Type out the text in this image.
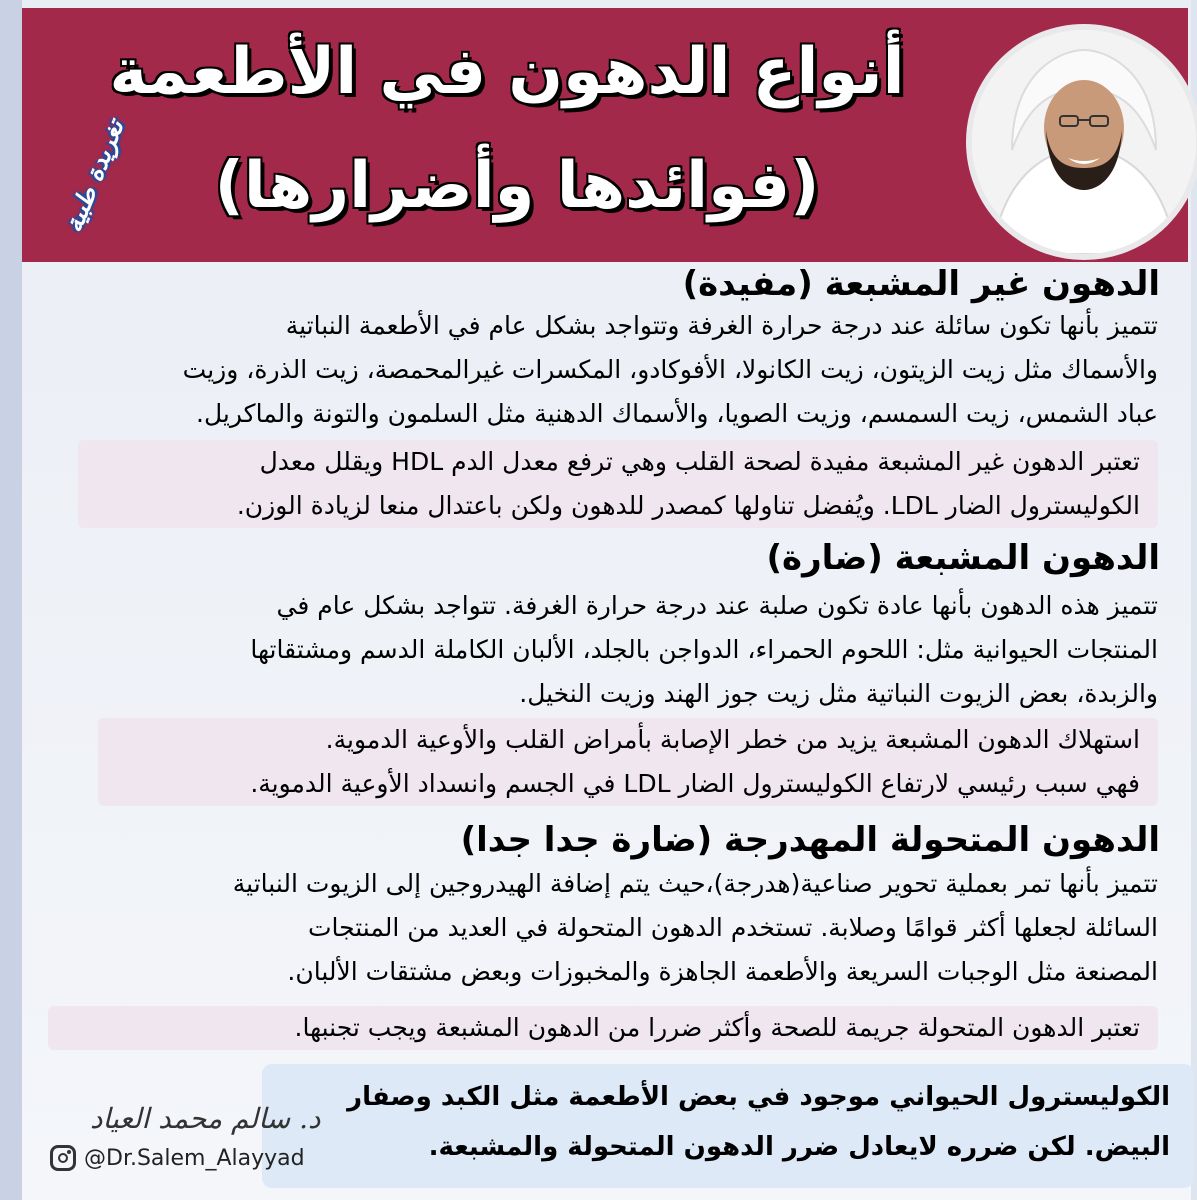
أنواع الدهون في الأطعمة
(فوائدها وأضرارها)
تغريدة طبية
الدهون غير المشبعة (مفيدة)
تتميز بأنها تكون سائلة عند درجة حرارة الغرفة وتتواجد بشكل عام في الأطعمة النباتية
والأسماك مثل زيت الزيتون، زيت الكانولا، الأفوكادو، المكسرات غيرالمحمصة، زيت الذرة، وزيت
عباد الشمس، زيت السمسم، وزيت الصويا، والأسماك الدهنية مثل السلمون والتونة والماكريل.
تعتبر الدهون غير المشبعة مفيدة لصحة القلب وهي ترفع معدل الدم HDL ويقلل معدل
الكوليسترول الضار LDL. ويُفضل تناولها كمصدر للدهون ولكن باعتدال منعا لزيادة الوزن.
الدهون المشبعة (ضارة)
تتميز هذه الدهون بأنها عادة تكون صلبة عند درجة حرارة الغرفة. تتواجد بشكل عام في
المنتجات الحيوانية مثل: اللحوم الحمراء، الدواجن بالجلد، الألبان الكاملة الدسم ومشتقاتها
والزبدة، بعض الزيوت النباتية مثل زيت جوز الهند وزيت النخيل.
استهلاك الدهون المشبعة يزيد من خطر الإصابة بأمراض القلب والأوعية الدموية.
فهي سبب رئيسي لارتفاع الكوليسترول الضار LDL في الجسم وانسداد الأوعية الدموية.
الدهون المتحولة المهدرجة (ضارة جدا جدا)
تتميز بأنها تمر بعملية تحوير صناعية(هدرجة)،حيث يتم إضافة الهيدروجين إلى الزيوت النباتية
السائلة لجعلها أكثر قوامًا وصلابة. تستخدم الدهون المتحولة في العديد من المنتجات
المصنعة مثل الوجبات السريعة والأطعمة الجاهزة والمخبوزات وبعض مشتقات الألبان.
تعتبر الدهون المتحولة جريمة للصحة وأكثر ضررا من الدهون المشبعة ويجب تجنبها.
الكوليسترول الحيواني موجود في بعض الأطعمة مثل الكبد وصفار
البيض. لكن ضرره لايعادل ضرر الدهون المتحولة والمشبعة.
د. سالم محمد العياد
@Dr.Salem_Alayyad
